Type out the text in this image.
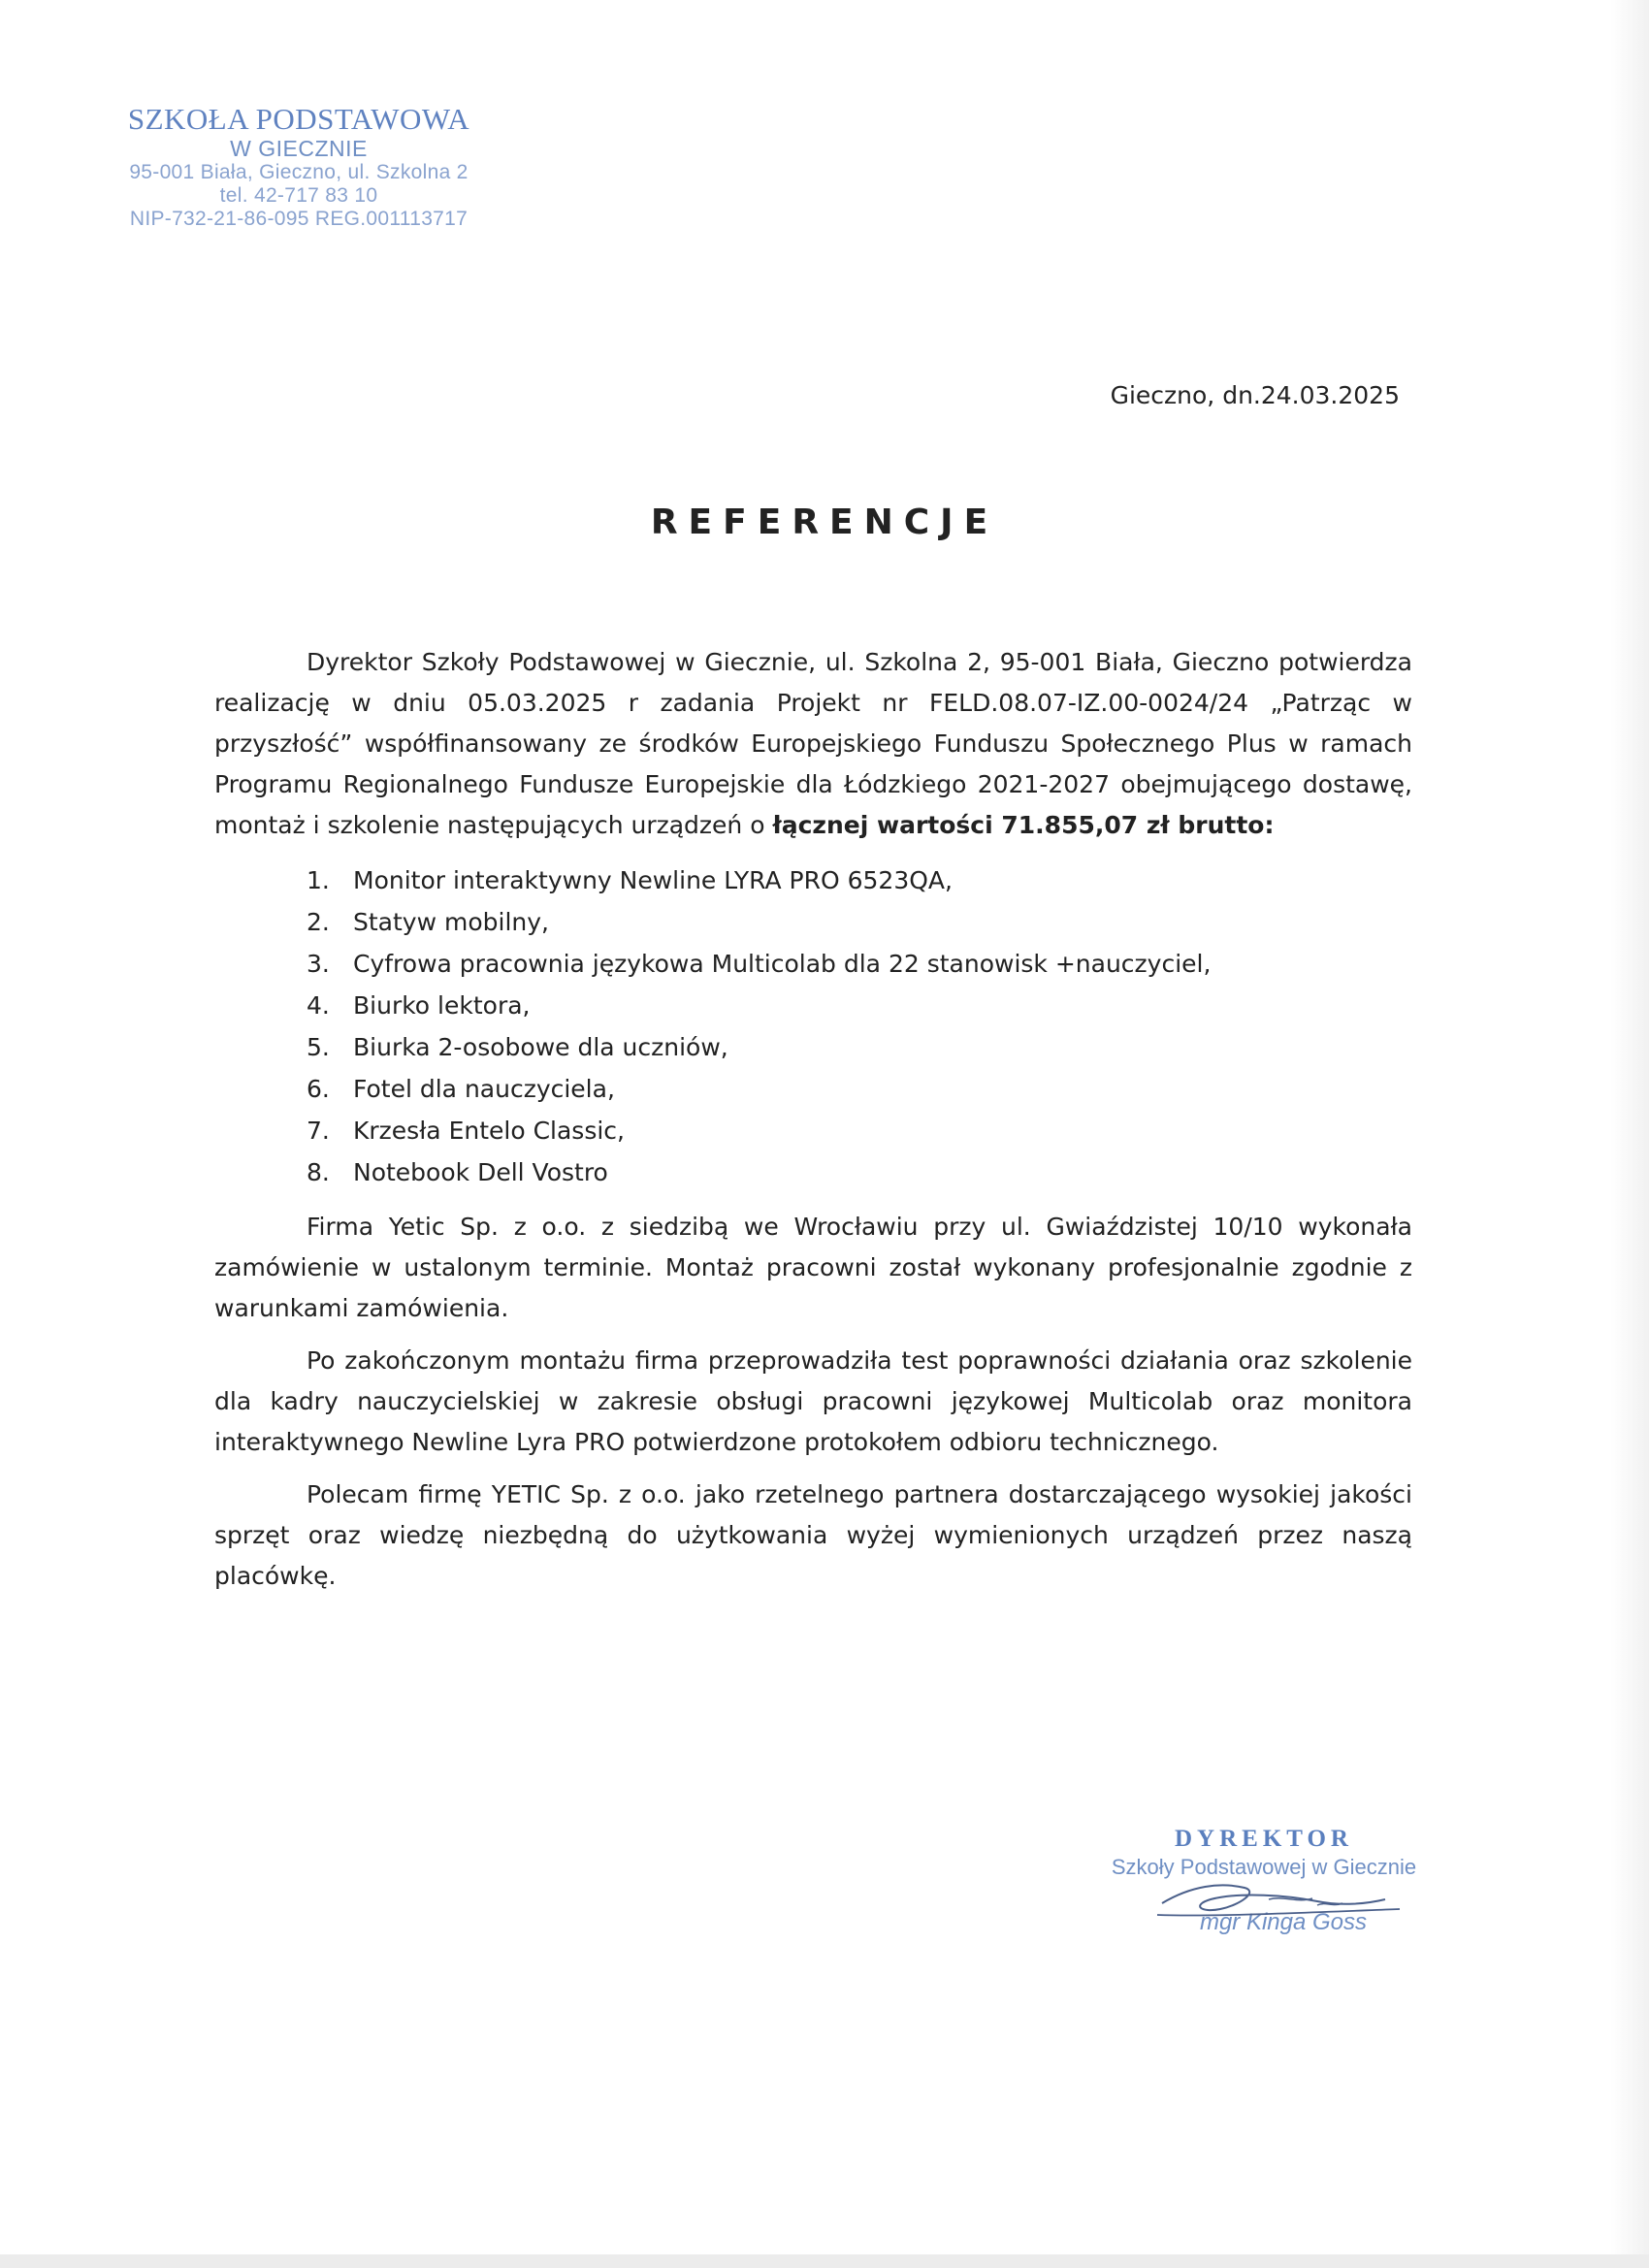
SZKOŁA PODSTAWOWA
W GIECZNIE
95-001 Biała, Gieczno, ul. Szkolna 2
tel. 42-717 83 10
NIP-732-21-86-095 REG.001113717
Gieczno, dn.24.03.2025
REFERENCJE

Dyrektor Szkoły Podstawowej w Giecznie, ul. Szkolna 2, 95-001 Biała, Gieczno potwierdza realizację w dniu 05.03.2025 r zadania Projekt nr FELD.08.07-IZ.00-0024/24 „Patrząc w przyszłość” współfinansowany ze środków Europejskiego Funduszu Społecznego Plus w ramach Programu Regionalnego Fundusze Europejskie dla Łódzkiego 2021-2027 obejmującego dostawę, montaż i szkolenie następujących urządzeń o łącznej wartości 71.855,07 zł brutto:

1. Monitor interaktywny Newline LYRA PRO 6523QA,
2. Statyw mobilny,
3. Cyfrowa pracownia językowa Multicolab dla 22 stanowisk +nauczyciel,
4. Biurko lektora,
5. Biurka 2-osobowe dla uczniów,
6. Fotel dla nauczyciela,
7. Krzesła Entelo Classic,
8. Notebook Dell Vostro

Firma Yetic Sp. z o.o. z siedzibą we Wrocławiu przy ul. Gwiaździstej 10/10 wykonała zamówienie w ustalonym terminie. Montaż pracowni został wykonany profesjonalnie zgodnie z warunkami zamówienia.

Po zakończonym montażu firma przeprowadziła test poprawności działania oraz szkolenie dla kadry nauczycielskiej w zakresie obsługi pracowni językowej Multicolab oraz monitora interaktywnego Newline Lyra PRO potwierdzone protokołem odbioru technicznego.

Polecam firmę YETIC Sp. z o.o. jako rzetelnego partnera dostarczającego wysokiej jakości sprzęt oraz wiedzę niezbędną do użytkowania wyżej wymienionych urządzeń przez naszą placówkę.

DYREKTOR
Szkoły Podstawowej w Giecznie
mgr Kinga Goss
